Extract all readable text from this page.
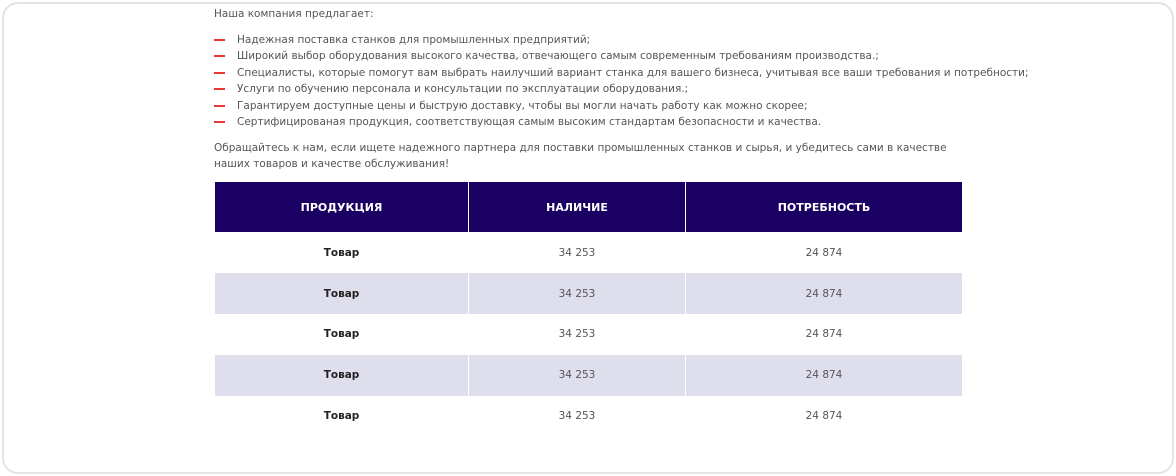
Наша компания предлагает:

Надежная поставка станков для промышленных предприятий;
Широкий выбор оборудования высокого качества, отвечающего самым современным требованиям производства.;
Специалисты, которые помогут вам выбрать наилучший вариант станка для вашего бизнеса, учитывая все ваши требования и потребности;
Услуги по обучению персонала и консультации по эксплуатации оборудования.;
Гарантируем доступные цены и быструю доставку, чтобы вы могли начать работу как можно скорее;
Сертифицированая продукция, соответствующая самым высоким стандартам безопасности и качества.

Обращайтесь к нам, если ищете надежного партнера для поставки промышленных станков и сырья, и убедитесь сами в качестве наших товаров и качестве обслуживания!

ПРОДУКЦИЯ	НАЛИЧИЕ	ПОТРЕБНОСТЬ
Товар	34 253	24 874
Товар	34 253	24 874
Товар	34 253	24 874
Товар	34 253	24 874
Товар	34 253	24 874
